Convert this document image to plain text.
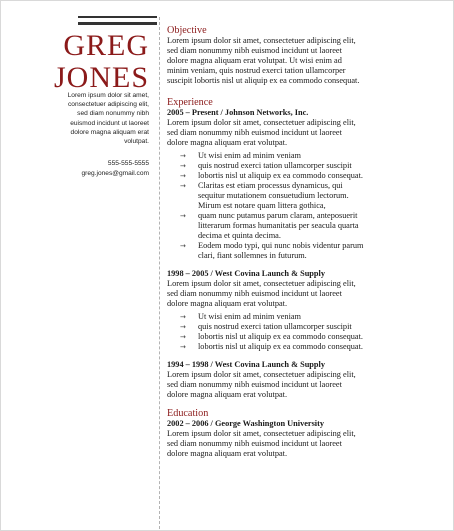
GREG
JONES
Lorem ipsum dolor sit amet,
consectetuer adipiscing elit,
sed diam nonummy nibh
euismod incidunt ut laoreet
dolore magna aliquam erat
volutpat.
555-555-5555
greg.jones@gmail.com

Objective

Lorem ipsum dolor sit amet, consectetuer adipiscing elit,

sed diam nonummy nibh euismod incidunt ut laoreet

dolore magna aliquam erat volutpat. Ut wisi enim ad

minim veniam, quis nostrud exerci tation ullamcorper

suscipit lobortis nisl ut aliquip ex ea commodo consequat.

Experience

2005 – Present / Johnson Networks, Inc.

Lorem ipsum dolor sit amet, consectetuer adipiscing elit,

sed diam nonummy nibh euismod incidunt ut laoreet

dolore magna aliquam erat volutpat.

→ Ut wisi enim ad minim veniam
→ quis nostrud exerci tation ullamcorper suscipit
→ lobortis nisl ut aliquip ex ea commodo consequat.
→ Claritas est etiam processus dynamicus, qui
sequitur mutationem consuetudium lectorum.
Mirum est notare quam littera gothica,
→ quam nunc putamus parum claram, anteposuerit
litterarum formas humanitatis per seacula quarta
decima et quinta decima.
→ Eodem modo typi, qui nunc nobis videntur parum
clari, fiant sollemnes in futurum.

1998 – 2005 / West Covina Launch & Supply

Lorem ipsum dolor sit amet, consectetuer adipiscing elit,

sed diam nonummy nibh euismod incidunt ut laoreet

dolore magna aliquam erat volutpat.

→ Ut wisi enim ad minim veniam
→ quis nostrud exerci tation ullamcorper suscipit
→ lobortis nisl ut aliquip ex ea commodo consequat.
→ lobortis nisl ut aliquip ex ea commodo consequat.

1994 – 1998 / West Covina Launch & Supply

Lorem ipsum dolor sit amet, consectetuer adipiscing elit,

sed diam nonummy nibh euismod incidunt ut laoreet

dolore magna aliquam erat volutpat.

Education

2002 – 2006 / George Washington University

Lorem ipsum dolor sit amet, consectetuer adipiscing elit,

sed diam nonummy nibh euismod incidunt ut laoreet

dolore magna aliquam erat volutpat.
